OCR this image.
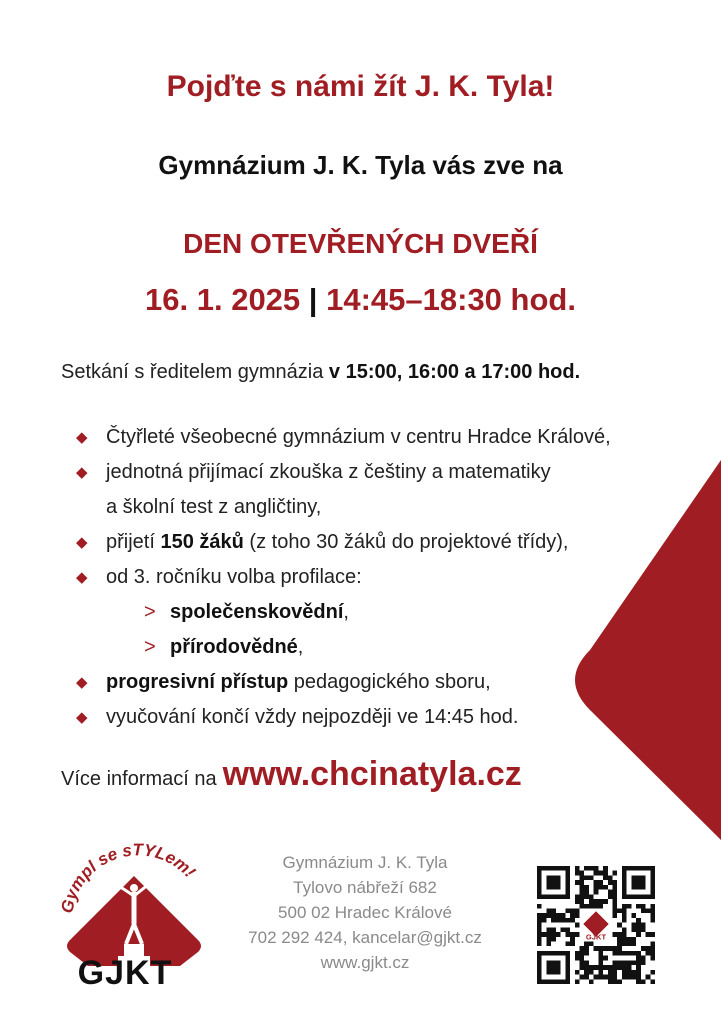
Pojďte s námi žít J. K. Tyla!
Gymnázium J. K. Tyla vás zve na
DEN OTEVŘENÝCH DVEŘÍ
16. 1. 2025 | 14:45–18:30 hod.
Setkání s ředitelem gymnázia v 15:00, 16:00 a 17:00 hod.
◆ Čtyřleté všeobecné gymnázium v centru Hradce Králové,
◆ jednotná přijímací zkouška z češtiny a matematiky
a školní test z angličtiny,
◆ přijetí 150 žáků (z toho 30 žáků do projektové třídy),
◆ od 3. ročníku volba profilace:
> společenskovědní,
> přírodovědné,
◆ progresivní přístup pedagogického sboru,
◆ vyučování končí vždy nejpozději ve 14:45 hod.
Více informací na www.chcinatyla.cz
Gympl se sTYLem!
GJKT
Gymnázium J. K. Tyla
Tylovo nábřeží 682
500 02 Hradec Králové
702 292 424, kancelar@gjkt.cz
www.gjkt.cz
GJKT
